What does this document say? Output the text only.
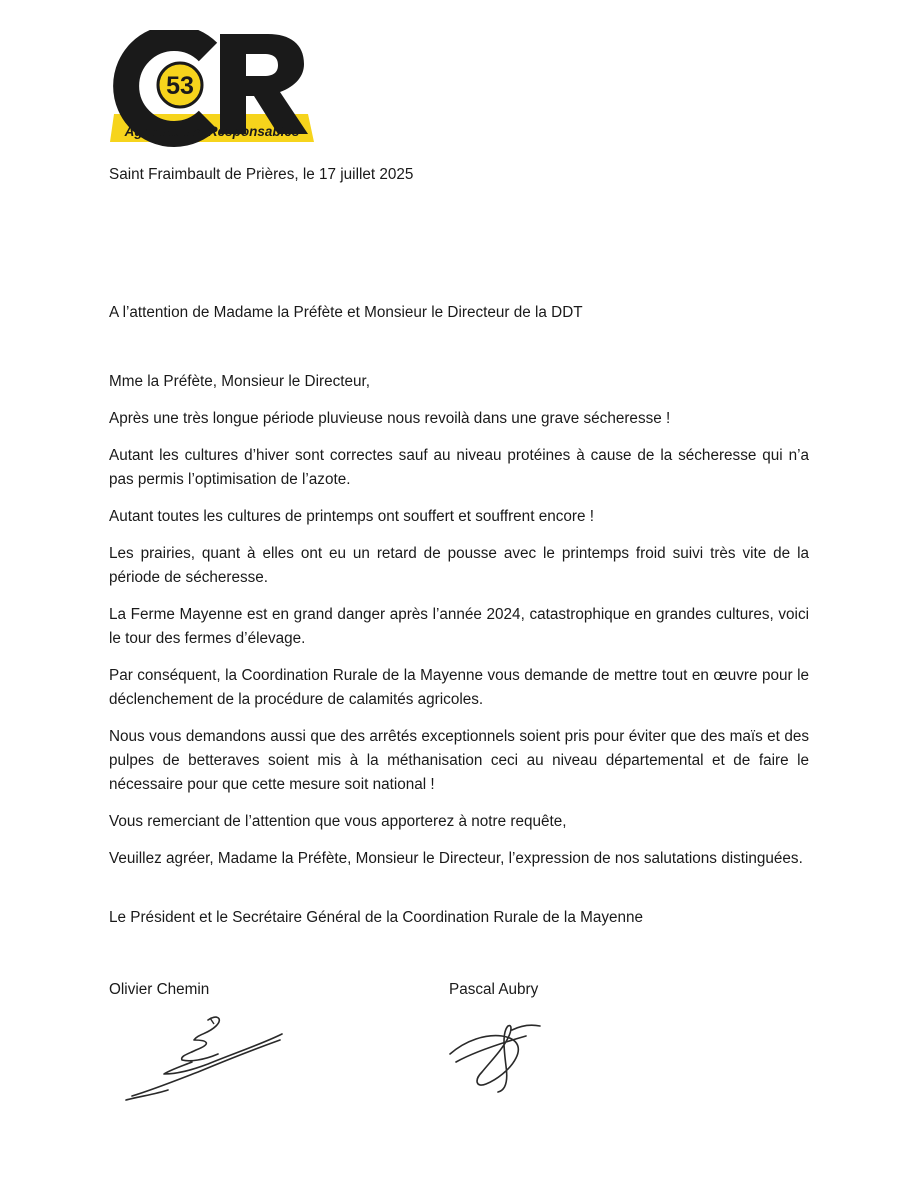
53
Agriculteurs Responsables
Saint Fraimbault de Prières, le 17 juillet 2025
A l’attention de Madame la Préfète et Monsieur le Directeur de la DDT

Mme la Préfète, Monsieur le Directeur,

Après une très longue période pluvieuse nous revoilà dans une grave sécheresse !

Autant les cultures d’hiver sont correctes sauf au niveau protéines à cause de la sécheresse qui n’a pas permis l’optimisation de l’azote.

Autant toutes les cultures de printemps ont souffert et souffrent encore !

Les prairies, quant à elles ont eu un retard de pousse avec le printemps froid suivi très vite de la période de sécheresse.

La Ferme Mayenne est en grand danger après l’année 2024, catastrophique en grandes cultures, voici le tour des fermes d’élevage.

Par conséquent, la Coordination Rurale de la Mayenne vous demande de mettre tout en œuvre pour le déclenchement de la procédure de calamités agricoles.

Nous vous demandons aussi que des arrêtés exceptionnels soient pris pour éviter que des maïs et des pulpes de betteraves soient mis à la méthanisation ceci au niveau départemental et de faire le nécessaire pour que cette mesure soit national !

Vous remerciant de l’attention que vous apporterez à notre requête,

Veuillez agréer, Madame la Préfète, Monsieur le Directeur, l’expression de nos salutations distinguées.

Le Président et le Secrétaire Général de la Coordination Rurale de la Mayenne
Olivier Chemin	Pascal Aubry
